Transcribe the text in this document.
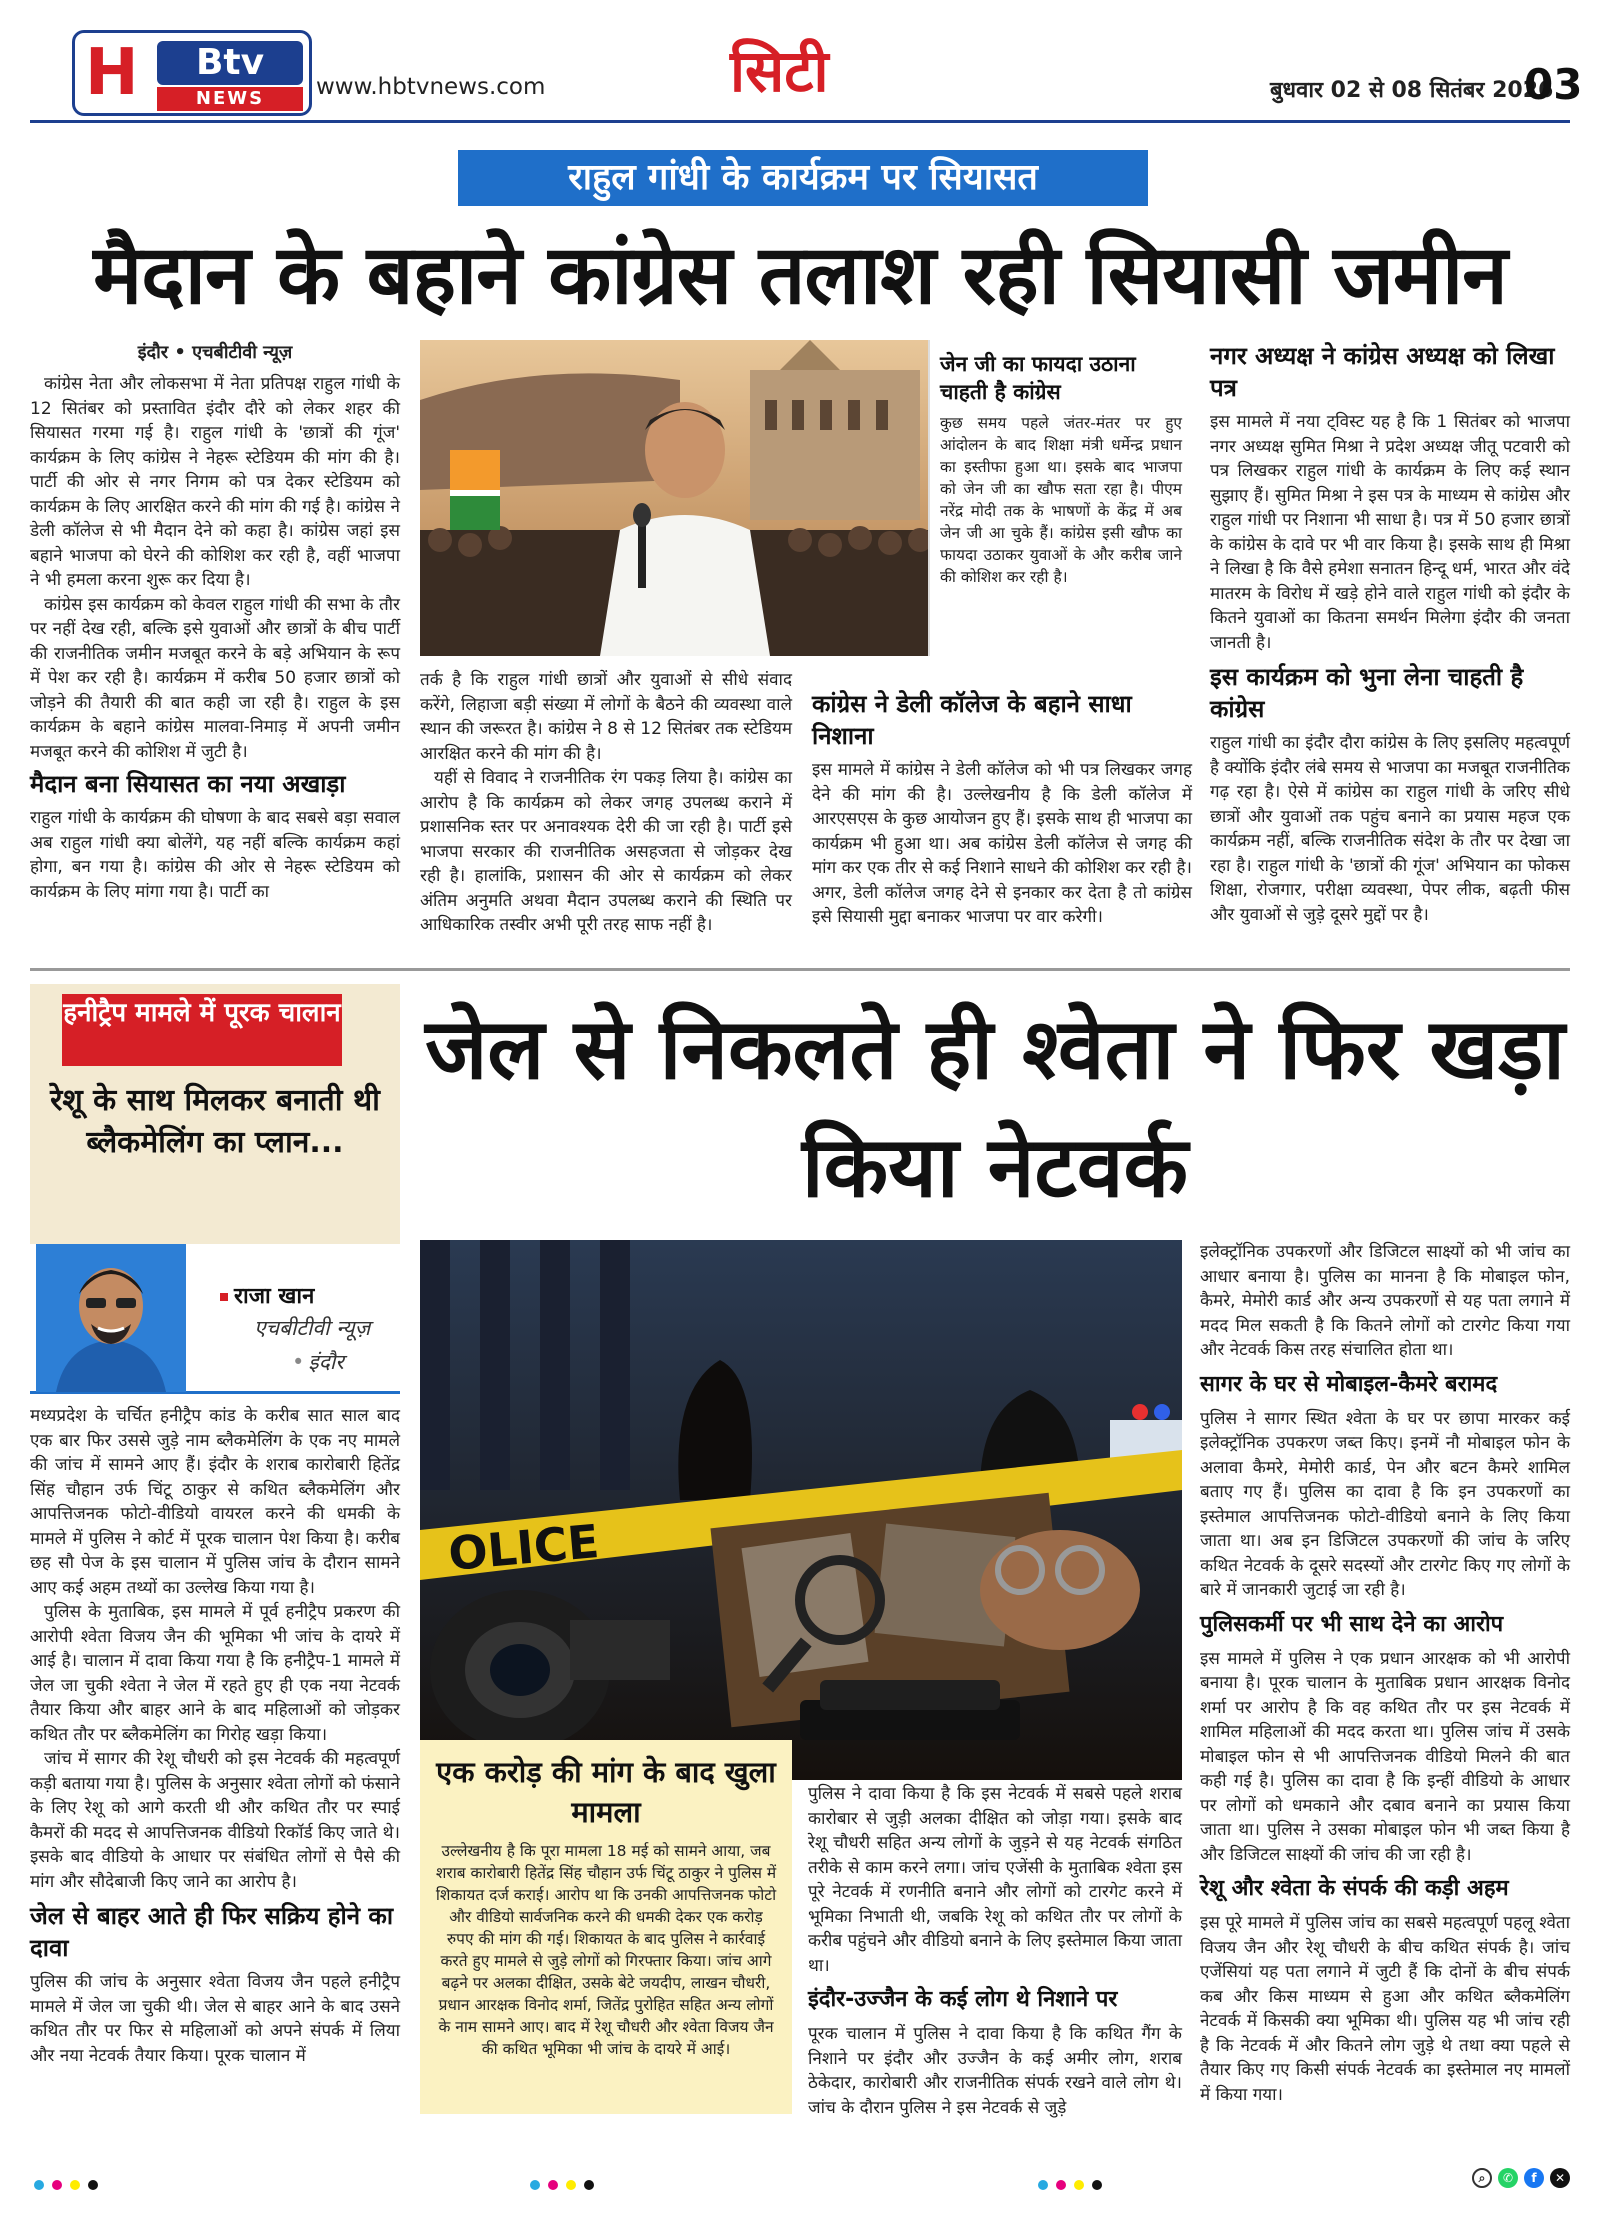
H	Btv
NEWS	www.hbtvnews.com	सिटी	बुधवार 02 से 08 सितंबर 2026
03
राहुल गांधी के कार्यक्रम पर सियासत
मैदान के बहाने कांग्रेस तलाश रही सियासी जमीन
इंदौर • एचबीटीवी न्यूज़

कांग्रेस नेता और लोकसभा में नेता प्रतिपक्ष राहुल गांधी के 12 सितंबर को प्रस्तावित इंदौर दौरे को लेकर शहर की सियासत गरमा गई है। राहुल गांधी के 'छात्रों की गूंज' कार्यक्रम के लिए कांग्रेस ने नेहरू स्टेडियम की मांग की है। पार्टी की ओर से नगर निगम को पत्र देकर स्टेडियम को कार्यक्रम के लिए आरक्षित करने की मांग की गई है। कांग्रेस ने डेली कॉलेज से भी मैदान देने को कहा है। कांग्रेस जहां इस बहाने भाजपा को घेरने की कोशिश कर रही है, वहीं भाजपा ने भी हमला करना शुरू कर दिया है।

कांग्रेस इस कार्यक्रम को केवल राहुल गांधी की सभा के तौर पर नहीं देख रही, बल्कि इसे युवाओं और छात्रों के बीच पार्टी की राजनीतिक जमीन मजबूत करने के बड़े अभियान के रूप में पेश कर रही है। कार्यक्रम में करीब 50 हजार छात्रों को जोड़ने की तैयारी की बात कही जा रही है। राहुल के इस कार्यक्रम के बहाने कांग्रेस मालवा-निमाड़ में अपनी जमीन मजबूत करने की कोशिश में जुटी है।

मैदान बना सियासत का नया अखाड़ा

राहुल गांधी के कार्यक्रम की घोषणा के बाद सबसे बड़ा सवाल अब राहुल गांधी क्या बोलेंगे, यह नहीं बल्कि कार्यक्रम कहां होगा, बन गया है। कांग्रेस की ओर से नेहरू स्टेडियम को कार्यक्रम के लिए मांगा गया है। पार्टी का

जेन जी का फायदा उठाना चाहती है कांग्रेस
कुछ समय पहले जंतर-मंतर पर हुए आंदोलन के बाद शिक्षा मंत्री धर्मेन्द्र प्रधान का इस्तीफा हुआ था। इसके बाद भाजपा को जेन जी का खौफ सता रहा है। पीएम नरेंद्र मोदी तक के भाषणों के केंद्र में अब जेन जी आ चुके हैं। कांग्रेस इसी खौफ का फायदा उठाकर युवाओं के और करीब जाने की कोशिश कर रही है।

तर्क है कि राहुल गांधी छात्रों और युवाओं से सीधे संवाद करेंगे, लिहाजा बड़ी संख्या में लोगों के बैठने की व्यवस्था वाले स्थान की जरूरत है। कांग्रेस ने 8 से 12 सितंबर तक स्टेडियम आरक्षित करने की मांग की है।

यहीं से विवाद ने राजनीतिक रंग पकड़ लिया है। कांग्रेस का आरोप है कि कार्यक्रम को लेकर जगह उपलब्ध कराने में प्रशासनिक स्तर पर अनावश्यक देरी की जा रही है। पार्टी इसे भाजपा सरकार की राजनीतिक असहजता से जोड़कर देख रही है। हालांकि, प्रशासन की ओर से कार्यक्रम को लेकर अंतिम अनुमति अथवा मैदान उपलब्ध कराने की स्थिति पर आधिकारिक तस्वीर अभी पूरी तरह साफ नहीं है।

कांग्रेस ने डेली कॉलेज के बहाने साधा निशाना
इस मामले में कांग्रेस ने डेली कॉलेज को भी पत्र लिखकर जगह देने की मांग की है। उल्लेखनीय है कि डेली कॉलेज में आरएसएस के कुछ आयोजन हुए हैं। इसके साथ ही भाजपा का कार्यक्रम भी हुआ था। अब कांग्रेस डेली कॉलेज से जगह की मांग कर एक तीर से कई निशाने साधने की कोशिश कर रही है। अगर, डेली कॉलेज जगह देने से इनकार कर देता है तो कांग्रेस इसे सियासी मुद्दा बनाकर भाजपा पर वार करेगी।
नगर अध्यक्ष ने कांग्रेस अध्यक्ष को लिखा पत्र
इस मामले में नया ट्विस्ट यह है कि 1 सितंबर को भाजपा नगर अध्यक्ष सुमित मिश्रा ने प्रदेश अध्यक्ष जीतू पटवारी को पत्र लिखकर राहुल गांधी के कार्यक्रम के लिए कई स्थान सुझाए हैं। सुमित मिश्रा ने इस पत्र के माध्यम से कांग्रेस और राहुल गांधी पर निशाना भी साधा है। पत्र में 50 हजार छात्रों के कांग्रेस के दावे पर भी वार किया है। इसके साथ ही मिश्रा ने लिखा है कि वैसे हमेशा सनातन हिन्दू धर्म, भारत और वंदे मातरम के विरोध में खड़े होने वाले राहुल गांधी को इंदौर के कितने युवाओं का कितना समर्थन मिलेगा इंदौर की जनता जानती है।
इस कार्यक्रम को भुना लेना चाहती है कांग्रेस
राहुल गांधी का इंदौर दौरा कांग्रेस के लिए इसलिए महत्वपूर्ण है क्योंकि इंदौर लंबे समय से भाजपा का मजबूत राजनीतिक गढ़ रहा है। ऐसे में कांग्रेस का राहुल गांधी के जरिए सीधे छात्रों और युवाओं तक पहुंच बनाने का प्रयास महज एक कार्यक्रम नहीं, बल्कि राजनीतिक संदेश के तौर पर देखा जा रहा है। राहुल गांधी के 'छात्रों की गूंज' अभियान का फोकस शिक्षा, रोजगार, परीक्षा व्यवस्था, पेपर लीक, बढ़ती फीस और युवाओं से जुड़े दूसरे मुद्दों पर है।
हनीट्रैप मामले में पूरक चालान
रेशू के साथ मिलकर बनाती थी ब्लैकमेलिंग का प्लान...
राजा खान
एचबीटीवी न्यूज़
• इंदौर
जेल से निकलते ही श्वेता ने फिर खड़ा किया नेटवर्क

मध्यप्रदेश के चर्चित हनीट्रैप कांड के करीब सात साल बाद एक बार फिर उससे जुड़े नाम ब्लैकमेलिंग के एक नए मामले की जांच में सामने आए हैं। इंदौर के शराब कारोबारी हितेंद्र सिंह चौहान उर्फ चिंटू ठाकुर से कथित ब्लैकमेलिंग और आपत्तिजनक फोटो-वीडियो वायरल करने की धमकी के मामले में पुलिस ने कोर्ट में पूरक चालान पेश किया है। करीब छह सौ पेज के इस चालान में पुलिस जांच के दौरान सामने आए कई अहम तथ्यों का उल्लेख किया गया है।

पुलिस के मुताबिक, इस मामले में पूर्व हनीट्रैप प्रकरण की आरोपी श्वेता विजय जैन की भूमिका भी जांच के दायरे में आई है। चालान में दावा किया गया है कि हनीट्रैप-1 मामले में जेल जा चुकी श्वेता ने जेल में रहते हुए ही एक नया नेटवर्क तैयार किया और बाहर आने के बाद महिलाओं को जोड़कर कथित तौर पर ब्लैकमेलिंग का गिरोह खड़ा किया।

जांच में सागर की रेशू चौधरी को इस नेटवर्क की महत्वपूर्ण कड़ी बताया गया है। पुलिस के अनुसार श्वेता लोगों को फंसाने के लिए रेशू को आगे करती थी और कथित तौर पर स्पाई कैमरों की मदद से आपत्तिजनक वीडियो रिकॉर्ड किए जाते थे। इसके बाद वीडियो के आधार पर संबंधित लोगों से पैसे की मांग और सौदेबाजी किए जाने का आरोप है।

जेल से बाहर आते ही फिर सक्रिय होने का दावा
पुलिस की जांच के अनुसार श्वेता विजय जैन पहले हनीट्रैप मामले में जेल जा चुकी थी। जेल से बाहर आने के बाद उसने कथित तौर पर फिर से महिलाओं को अपने संपर्क में लिया और नया नेटवर्क तैयार किया। पूरक चालान में
OLICE
एक करोड़ की मांग के बाद खुला मामला
उल्लेखनीय है कि पूरा मामला 18 मई को सामने आया, जब शराब कारोबारी हितेंद्र सिंह चौहान उर्फ चिंटू ठाकुर ने पुलिस में शिकायत दर्ज कराई। आरोप था कि उनकी आपत्तिजनक फोटो और वीडियो सार्वजनिक करने की धमकी देकर एक करोड़ रुपए की मांग की गई। शिकायत के बाद पुलिस ने कार्रवाई करते हुए मामले से जुड़े लोगों को गिरफ्तार किया। जांच आगे बढ़ने पर अलका दीक्षित, उसके बेटे जयदीप, लाखन चौधरी, प्रधान आरक्षक विनोद शर्मा, जितेंद्र पुरोहित सहित अन्य लोगों के नाम सामने आए। बाद में रेशू चौधरी और श्वेता विजय जैन की कथित भूमिका भी जांच के दायरे में आई।
पुलिस ने दावा किया है कि इस नेटवर्क में सबसे पहले शराब कारोबार से जुड़ी अलका दीक्षित को जोड़ा गया। इसके बाद रेशू चौधरी सहित अन्य लोगों के जुड़ने से यह नेटवर्क संगठित तरीके से काम करने लगा। जांच एजेंसी के मुताबिक श्वेता इस पूरे नेटवर्क में रणनीति बनाने और लोगों को टारगेट करने में भूमिका निभाती थी, जबकि रेशू को कथित तौर पर लोगों के करीब पहुंचने और वीडियो बनाने के लिए इस्तेमाल किया जाता था।
इंदौर-उज्जैन के कई लोग थे निशाने पर
पूरक चालान में पुलिस ने दावा किया है कि कथित गैंग के निशाने पर इंदौर और उज्जैन के कई अमीर लोग, शराब ठेकेदार, कारोबारी और राजनीतिक संपर्क रखने वाले लोग थे। जांच के दौरान पुलिस ने इस नेटवर्क से जुड़े
इलेक्ट्रॉनिक उपकरणों और डिजिटल साक्ष्यों को भी जांच का आधार बनाया है। पुलिस का मानना है कि मोबाइल फोन, कैमरे, मेमोरी कार्ड और अन्य उपकरणों से यह पता लगाने में मदद मिल सकती है कि कितने लोगों को टारगेट किया गया और नेटवर्क किस तरह संचालित होता था।
सागर के घर से मोबाइल-कैमरे बरामद
पुलिस ने सागर स्थित श्वेता के घर पर छापा मारकर कई इलेक्ट्रॉनिक उपकरण जब्त किए। इनमें नौ मोबाइल फोन के अलावा कैमरे, मेमोरी कार्ड, पेन और बटन कैमरे शामिल बताए गए हैं। पुलिस का दावा है कि इन उपकरणों का इस्तेमाल आपत्तिजनक फोटो-वीडियो बनाने के लिए किया जाता था। अब इन डिजिटल उपकरणों की जांच के जरिए कथित नेटवर्क के दूसरे सदस्यों और टारगेट किए गए लोगों के बारे में जानकारी जुटाई जा रही है।
पुलिसकर्मी पर भी साथ देने का आरोप
इस मामले में पुलिस ने एक प्रधान आरक्षक को भी आरोपी बनाया है। पूरक चालान के मुताबिक प्रधान आरक्षक विनोद शर्मा पर आरोप है कि वह कथित तौर पर इस नेटवर्क में शामिल महिलाओं की मदद करता था। पुलिस जांच में उसके मोबाइल फोन से भी आपत्तिजनक वीडियो मिलने की बात कही गई है। पुलिस का दावा है कि इन्हीं वीडियो के आधार पर लोगों को धमकाने और दबाव बनाने का प्रयास किया जाता था। पुलिस ने उसका मोबाइल फोन भी जब्त किया है और डिजिटल साक्ष्यों की जांच की जा रही है।
रेशू और श्वेता के संपर्क की कड़ी अहम
इस पूरे मामले में पुलिस जांच का सबसे महत्वपूर्ण पहलू श्वेता विजय जैन और रेशू चौधरी के बीच कथित संपर्क है। जांच एजेंसियां यह पता लगाने में जुटी हैं कि दोनों के बीच संपर्क कब और किस माध्यम से हुआ और कथित ब्लैकमेलिंग नेटवर्क में किसकी क्या भूमिका थी। पुलिस यह भी जांच रही है कि नेटवर्क में और कितने लोग जुड़े थे तथा क्या पहले से तैयार किए गए किसी संपर्क नेटवर्क का इस्तेमाल नए मामलों में किया गया।
⌕	✆	f	✕
